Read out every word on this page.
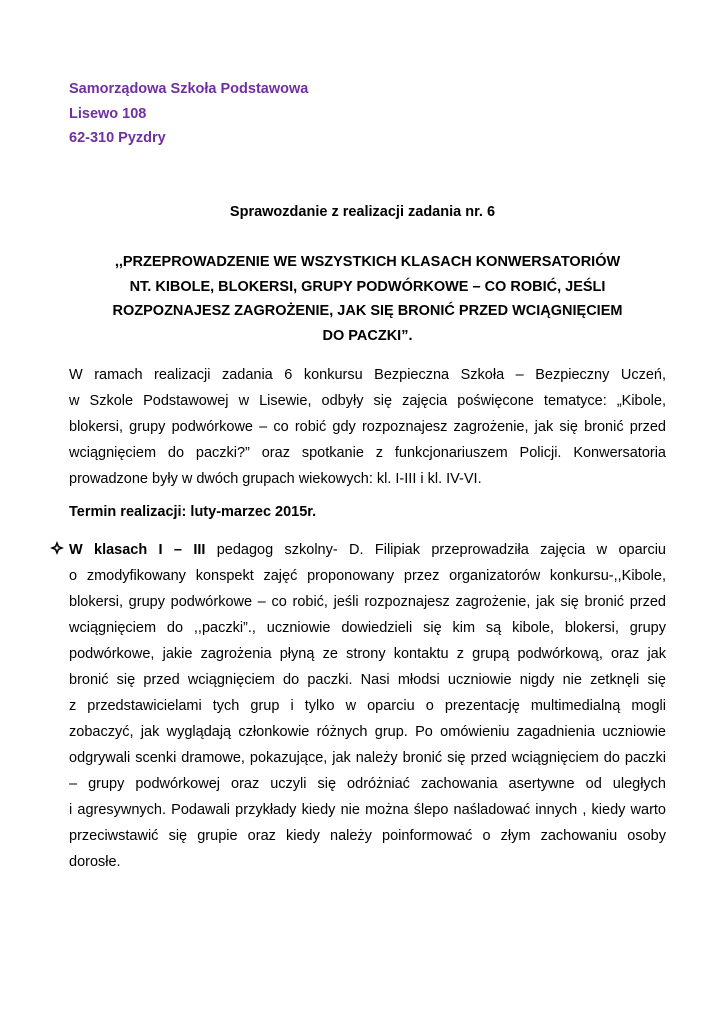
Samorządowa Szkoła Podstawowa
Lisewo 108
62-310 Pyzdry
Sprawozdanie z realizacji zadania nr. 6
,,PRZEPROWADZENIE WE WSZYSTKICH KLASACH KONWERSATORIÓW
NT. KIBOLE, BLOKERSI, GRUPY PODWÓRKOWE – CO ROBIĆ, JEŚLI
ROZPOZNAJESZ ZAGROŻENIE, JAK SIĘ BRONIĆ PRZED WCIĄGNIĘCIEM
DO PACZKI”.
W ramach realizacji zadania 6 konkursu Bezpieczna Szkoła – Bezpieczny Uczeń,
w Szkole Podstawowej w Lisewie, odbyły się zajęcia poświęcone tematyce: „Kibole,
blokersi, grupy podwórkowe – co robić gdy rozpoznajesz zagrożenie, jak się bronić przed
wciągnięciem do paczki?” oraz spotkanie z funkcjonariuszem Policji. Konwersatoria
prowadzone były w dwóch grupach wiekowych: kl. I-III i kl. IV-VI.
Termin realizacji: luty-marzec 2015r.
W klasach I – III pedagog szkolny- D. Filipiak przeprowadziła zajęcia w oparciu
o zmodyfikowany konspekt zajęć proponowany przez organizatorów konkursu-,,Kibole,
blokersi, grupy podwórkowe – co robić, jeśli rozpoznajesz zagrożenie, jak się bronić przed
wciągnięciem do ,,paczki”., uczniowie dowiedzieli się kim są kibole, blokersi, grupy
podwórkowe, jakie zagrożenia płyną ze strony kontaktu z grupą podwórkową, oraz jak
bronić się przed wciągnięciem do paczki. Nasi młodsi uczniowie nigdy nie zetknęli się
z przedstawicielami tych grup i tylko w oparciu o prezentację multimedialną mogli
zobaczyć, jak wyglądają członkowie różnych grup. Po omówieniu zagadnienia uczniowie
odgrywali scenki dramowe, pokazujące, jak należy bronić się przed wciągnięciem do paczki
– grupy podwórkowej oraz uczyli się odróżniać zachowania asertywne od uległych
i agresywnych. Podawali przykłady kiedy nie można ślepo naśladować innych , kiedy warto
przeciwstawić się grupie oraz kiedy należy poinformować o złym zachowaniu osoby
dorosłe.
